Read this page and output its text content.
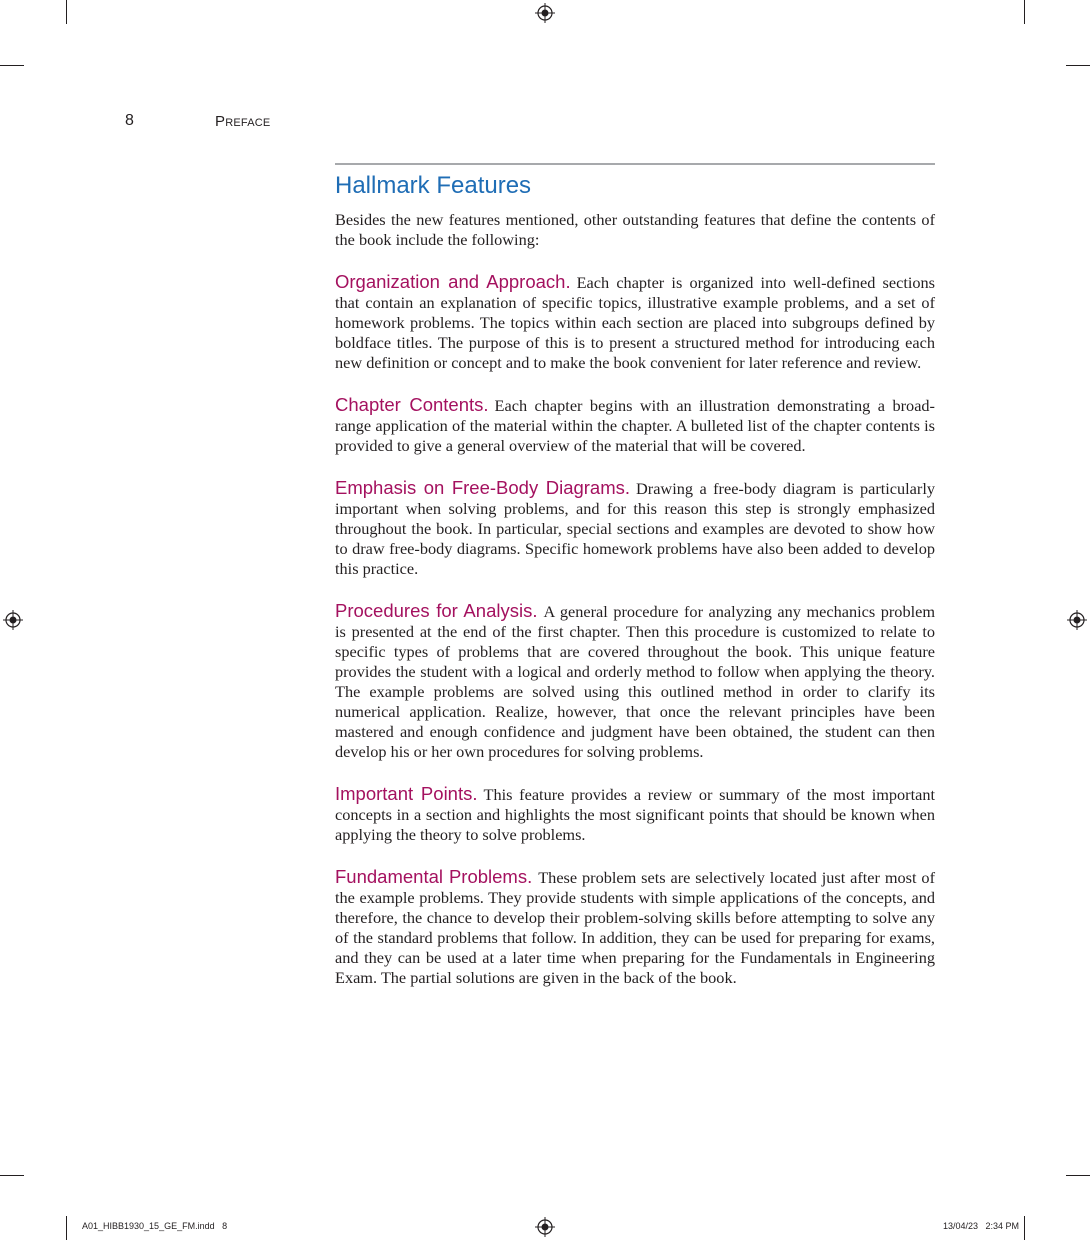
8	Preface
Hallmark Features

Besides the new features mentioned, other outstanding features that define the contents of the book include the following:

Organization and Approach. Each chapter is organized into well-defined sections that contain an explanation of specific topics, illustrative example problems, and a set of homework problems. The topics within each section are placed into subgroups defined by boldface titles. The purpose of this is to present a structured method for introducing each new definition or concept and to make the book convenient for later reference and review.

Chapter Contents. Each chapter begins with an illustration demonstrating a broad-range application of the material within the chapter. A bulleted list of the chapter contents is provided to give a general overview of the material that will be covered.

Emphasis on Free-Body Diagrams. Drawing a free-body diagram is particularly important when solving problems, and for this reason this step is strongly emphasized throughout the book. In particular, special sections and examples are devoted to show how to draw free-body diagrams. Specific homework problems have also been added to develop this practice.

Procedures for Analysis. A general procedure for analyzing any mechanics problem is presented at the end of the first chapter. Then this procedure is customized to relate to specific types of problems that are covered throughout the book. This unique feature provides the student with a logical and orderly method to follow when applying the theory. The example problems are solved using this outlined method in order to clarify its numerical application. Realize, however, that once the relevant principles have been mastered and enough confidence and judgment have been obtained, the student can then develop his or her own procedures for solving problems.

Important Points. This feature provides a review or summary of the most important concepts in a section and highlights the most significant points that should be known when applying the theory to solve problems.

Fundamental Problems. These problem sets are selectively located just after most of the example problems. They provide students with simple applications of the concepts, and therefore, the chance to develop their problem-solving skills before attempting to solve any of the standard problems that follow. In addition, they can be used for preparing for exams, and they can be used at a later time when preparing for the Fundamentals in Engineering Exam. The partial solutions are given in the back of the book.

A01_HIBB1930_15_GE_FM.indd   8	13/04/23   2:34 PM
